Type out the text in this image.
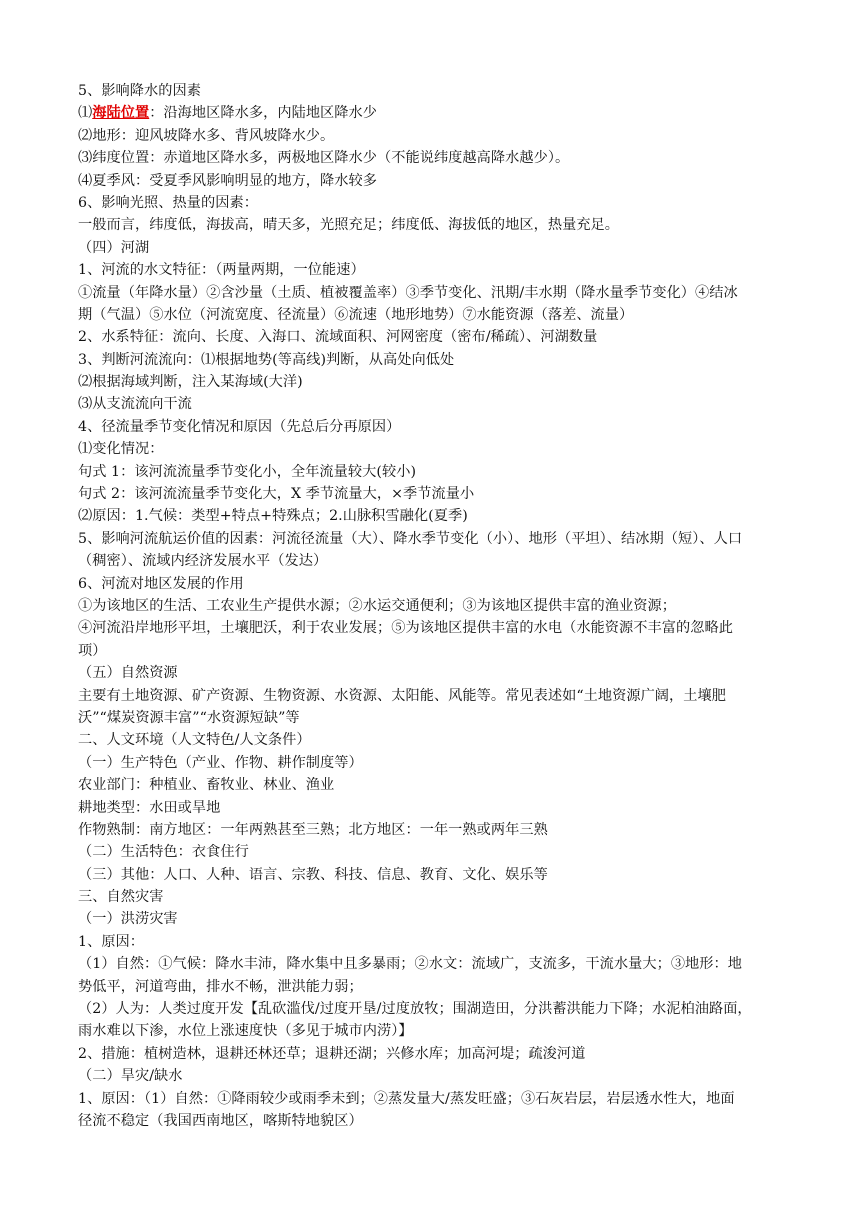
5、影响降水的因素
⑴海陆位置：沿海地区降水多，内陆地区降水少
⑵地形：迎风坡降水多、背风坡降水少。
⑶纬度位置：赤道地区降水多，两极地区降水少（不能说纬度越高降水越少）。
⑷夏季风：受夏季风影响明显的地方，降水较多
6、影响光照、热量的因素：
一般而言，纬度低，海拔高，晴天多，光照充足；纬度低、海拔低的地区，热量充足。
（四）河湖
1、河流的水文特征：（两量两期，一位能速）
①流量（年降水量）②含沙量（土质、植被覆盖率）③季节变化、汛期/丰水期（降水量季节变化）④结冰
期（气温）⑤水位（河流宽度、径流量）⑥流速（地形地势）⑦水能资源（落差、流量）
2、水系特征：流向、长度、入海口、流域面积、河网密度（密布/稀疏）、河湖数量
3、判断河流流向：⑴根据地势(等高线)判断，从高处向低处
⑵根据海域判断，注入某海域(大洋)
⑶从支流流向干流
4、径流量季节变化情况和原因（先总后分再原因）
⑴变化情况：
句式 1：该河流流量季节变化小，全年流量较大(较小)
句式 2：该河流流量季节变化大，X 季节流量大，×季节流量小
⑵原因：1.气候：类型+特点+特殊点；2.山脉积雪融化(夏季)
5、影响河流航运价值的因素：河流径流量（大）、降水季节变化（小）、地形（平坦）、结冰期（短）、人口
（稠密）、流域内经济发展水平（发达）
6、河流对地区发展的作用
①为该地区的生活、工农业生产提供水源；②水运交通便利；③为该地区提供丰富的渔业资源；
④河流沿岸地形平坦，土壤肥沃，利于农业发展；⑤为该地区提供丰富的水电（水能资源不丰富的忽略此
项）
（五）自然资源
主要有土地资源、矿产资源、生物资源、水资源、太阳能、风能等。常见表述如“土地资源广阔，土壤肥
沃”“煤炭资源丰富”“水资源短缺”等
二、人文环境（人文特色/人文条件）
（一）生产特色（产业、作物、耕作制度等）
农业部门：种植业、畜牧业、林业、渔业
耕地类型：水田或旱地
作物熟制：南方地区：一年两熟甚至三熟；北方地区：一年一熟或两年三熟
（二）生活特色：衣食住行
（三）其他：人口、人种、语言、宗教、科技、信息、教育、文化、娱乐等
三、自然灾害
（一）洪涝灾害
1、原因：
（1）自然：①气候：降水丰沛，降水集中且多暴雨；②水文：流域广，支流多，干流水量大；③地形：地
势低平，河道弯曲，排水不畅，泄洪能力弱；
（2）人为：人类过度开发【乱砍滥伐/过度开垦/过度放牧；围湖造田，分洪蓄洪能力下降；水泥柏油路面，
雨水难以下渗，水位上涨速度快（多见于城市内涝）】
2、措施：植树造林，退耕还林还草；退耕还湖；兴修水库；加高河堤；疏浚河道
（二）旱灾/缺水
1、原因：（1）自然：①降雨较少或雨季未到；②蒸发量大/蒸发旺盛；③石灰岩层，岩层透水性大，地面
径流不稳定（我国西南地区，喀斯特地貌区）
